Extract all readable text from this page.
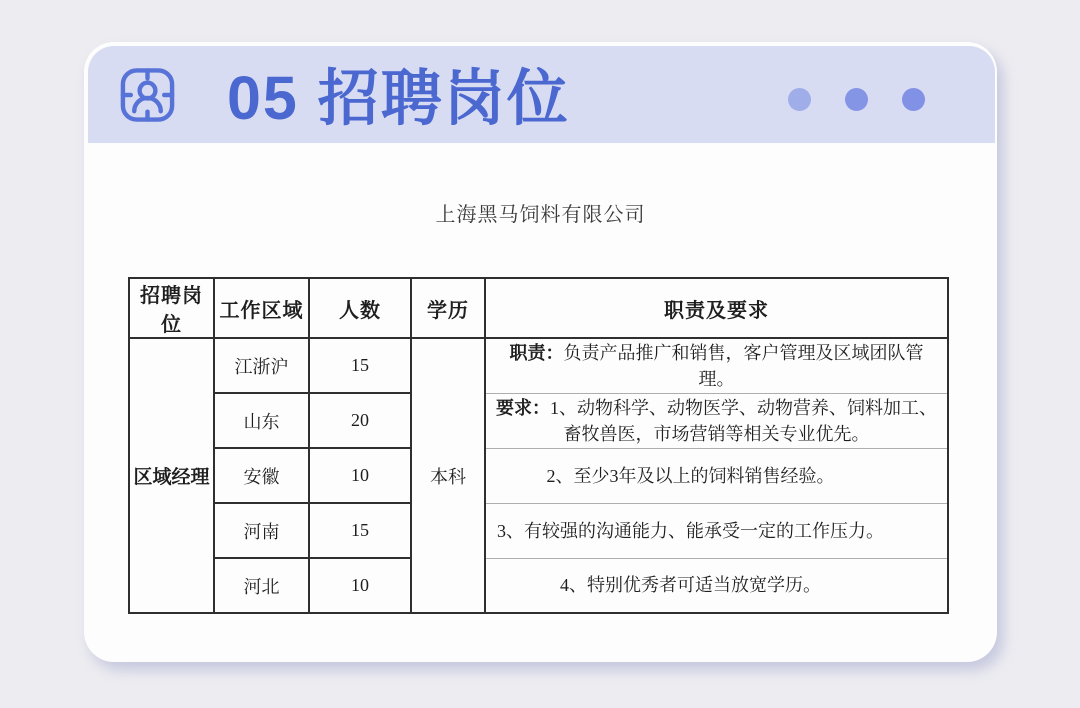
05 招聘岗位
上海黑马饲料有限公司
招聘岗位	工作区域	人数	学历	职责及要求
区域经理	江浙沪	15	本科	职责：负责产品推广和销售，客户管理及区域团队管理。
	山东	20		要求：1、动物科学、动物医学、动物营养、饲料加工、
畜牧兽医，市场营销等相关专业优先。

	安徽	10		2、至少3年及以上的饲料销售经验。
	河南	15		3、有较强的沟通能力、能承受一定的工作压力。
	河北	10		4、特别优秀者可适当放宽学历。
